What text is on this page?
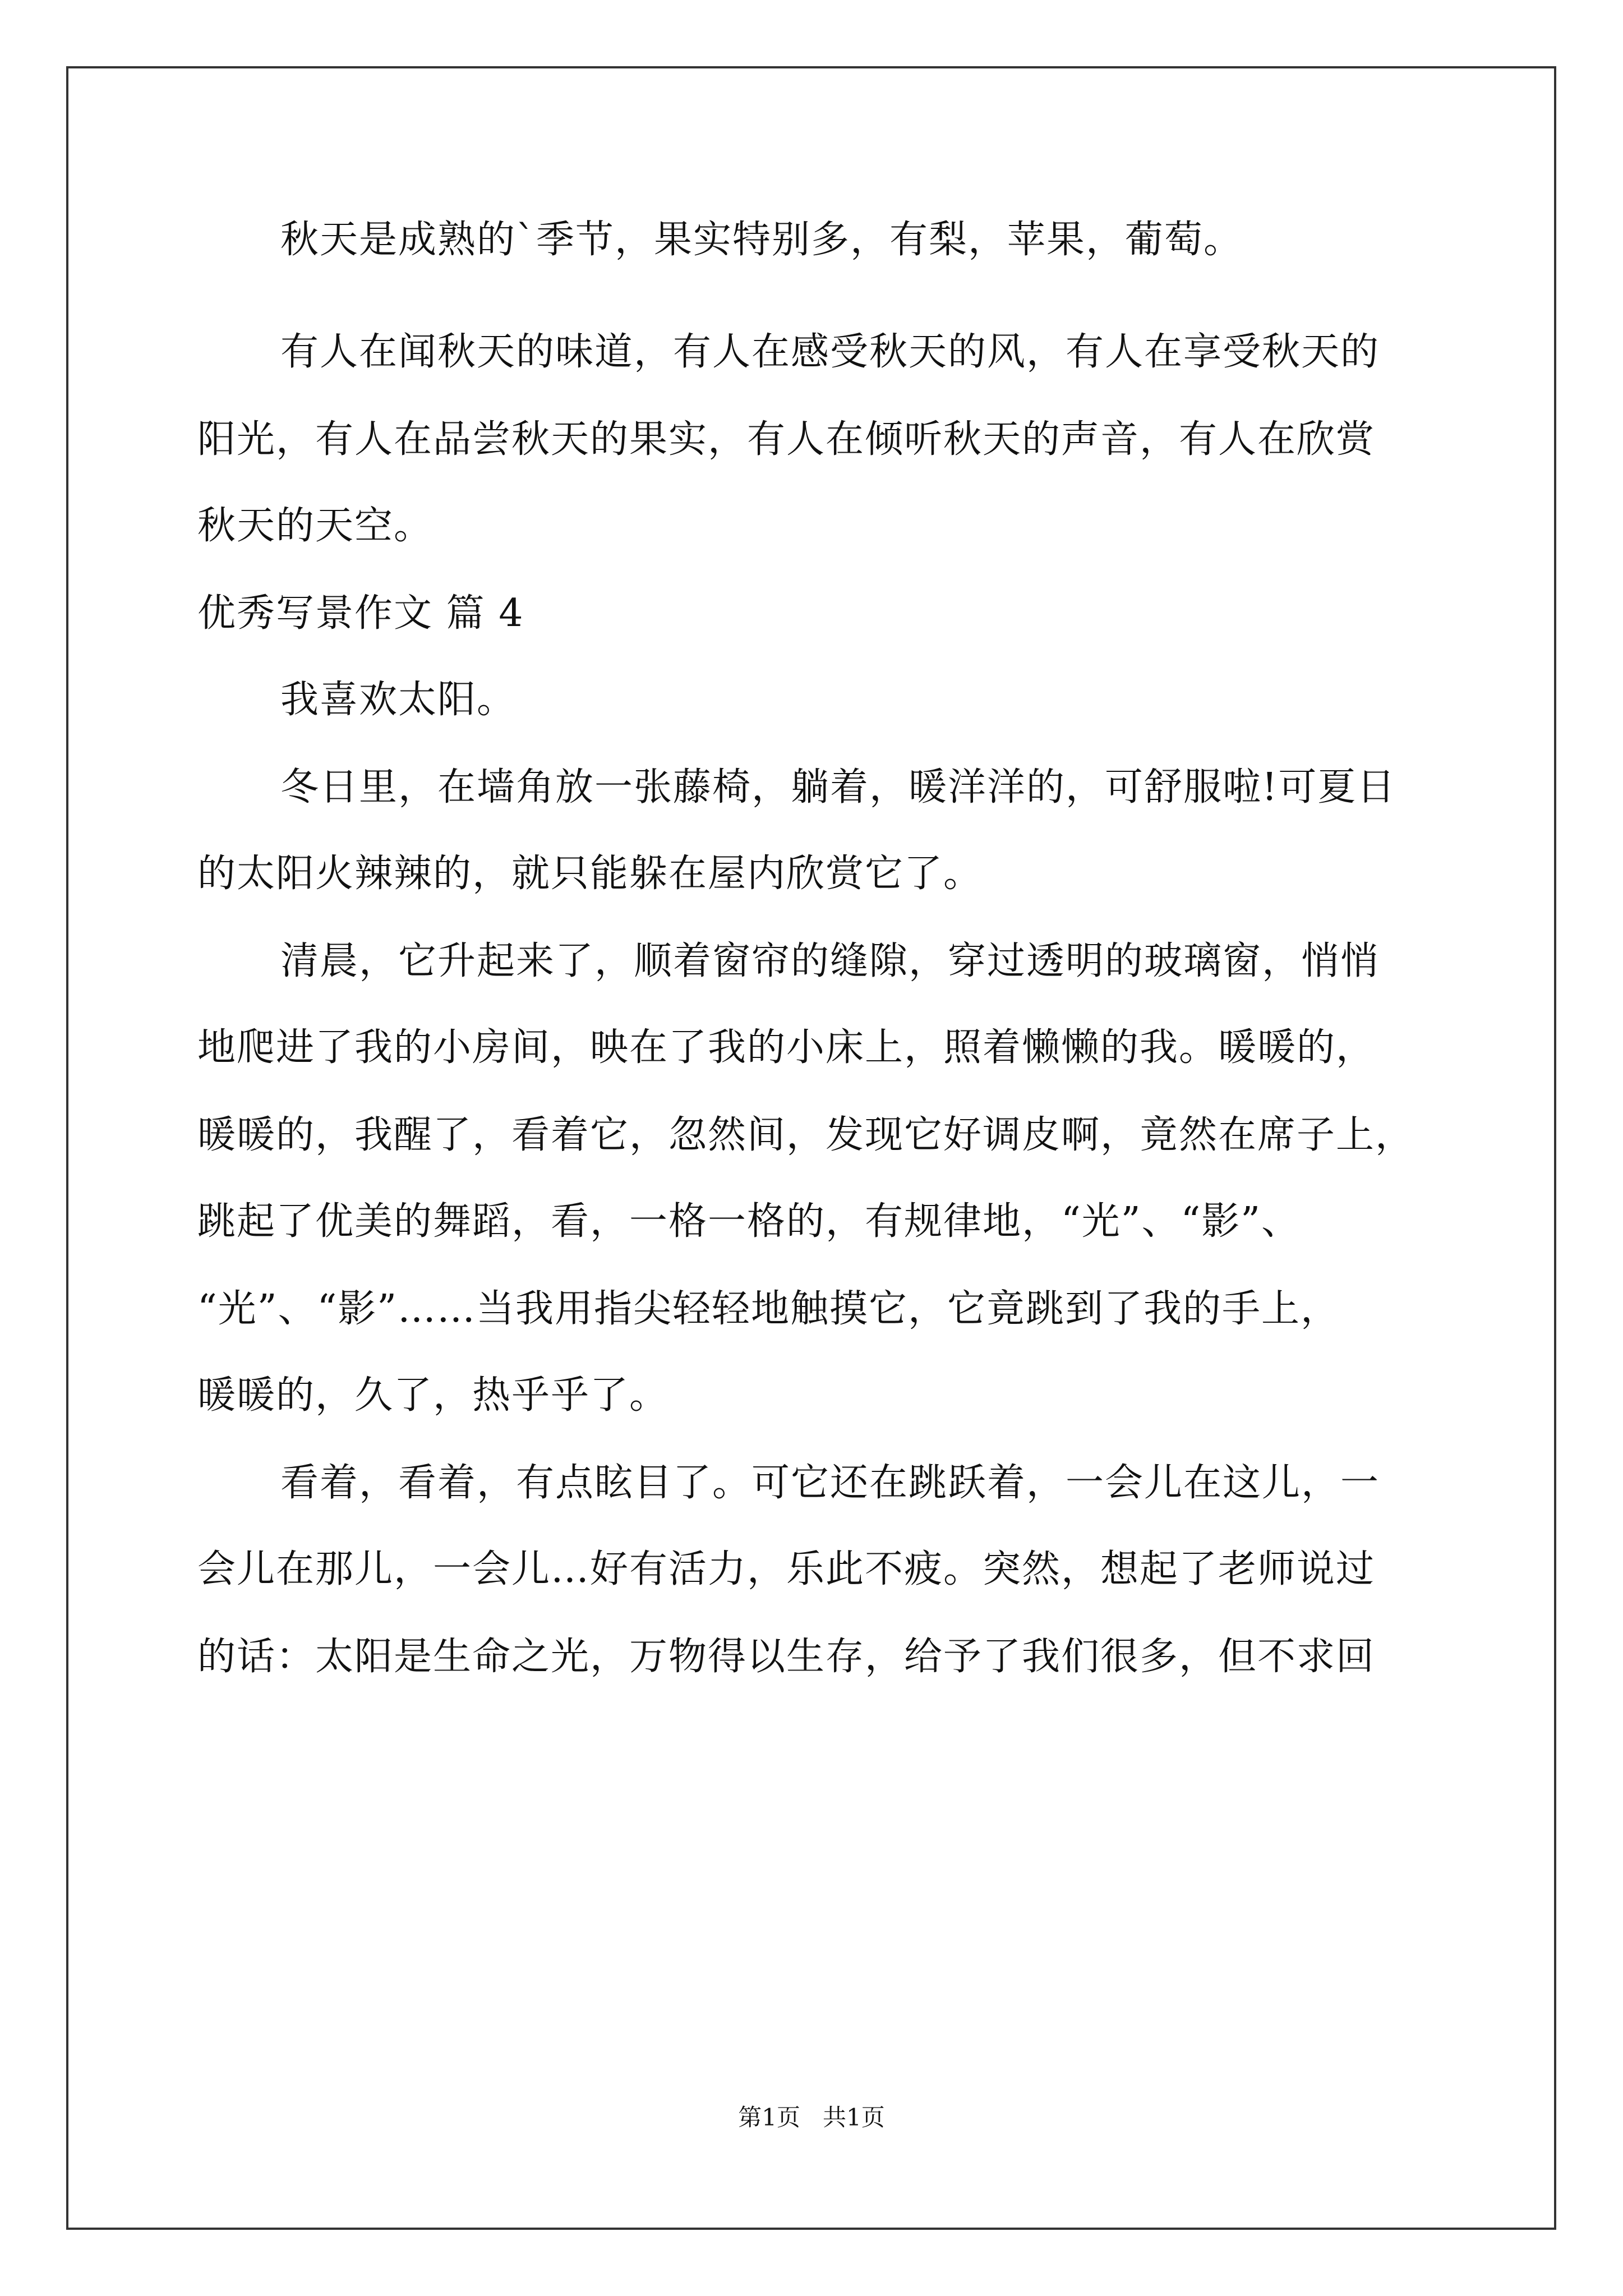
秋天是成熟的`季节，果实特别多，有梨，苹果，葡萄。
有人在闻秋天的味道，有人在感受秋天的风，有人在享受秋天的
阳光，有人在品尝秋天的果实，有人在倾听秋天的声音，有人在欣赏
秋天的天空。
优秀写景作文 篇 4
我喜欢太阳。
冬日里，在墙角放一张藤椅，躺着，暖洋洋的，可舒服啦!可夏日
的太阳火辣辣的，就只能躲在屋内欣赏它了。
清晨，它升起来了，顺着窗帘的缝隙，穿过透明的玻璃窗，悄悄
地爬进了我的小房间，映在了我的小床上，照着懒懒的我。暖暖的，
暖暖的，我醒了，看着它，忽然间，发现它好调皮啊，竟然在席子上，
跳起了优美的舞蹈，看，一格一格的，有规律地，“光”、“影”、
“光”、“影”……当我用指尖轻轻地触摸它，它竟跳到了我的手上，
暖暖的，久了，热乎乎了。
看着，看着，有点眩目了。可它还在跳跃着，一会儿在这儿，一
会儿在那儿，一会儿…好有活力，乐此不疲。突然，想起了老师说过
的话：太阳是生命之光，万物得以生存，给予了我们很多，但不求回
第1页   共1页
